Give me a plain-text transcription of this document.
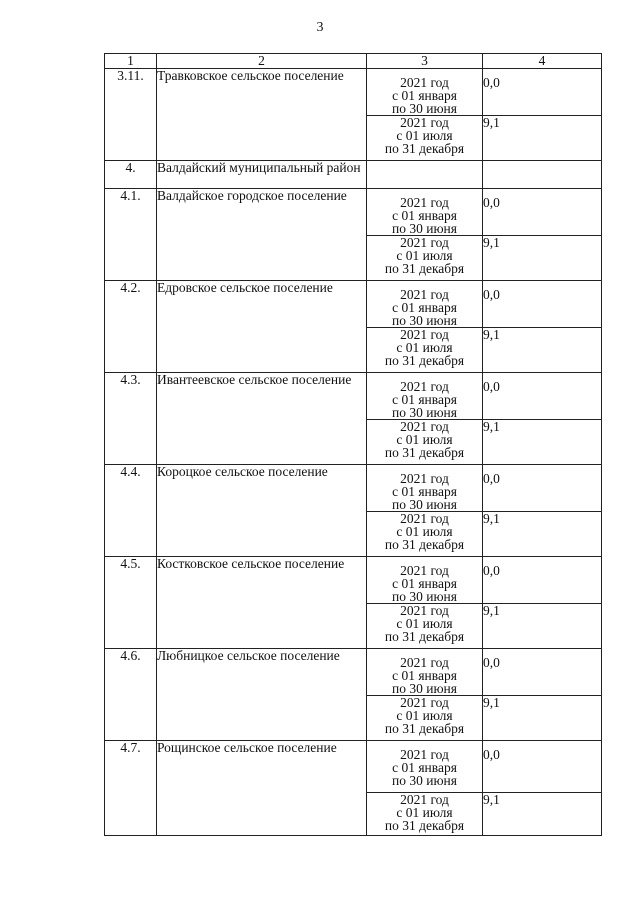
3
1	2	3	4
3.11.	Травковское сельское поселение	2021 год
с 01 января
по 30 июня	0,0

		2021 год
с 01 июля
по 31 декабря	9,1
4.	Валдайский муниципальный район		
4.1.	Валдайское городское поселение	2021 год
с 01 января
по 30 июня	0,0

		2021 год
с 01 июля
по 31 декабря	9,1
4.2.	Едровское сельское поселение	2021 год
с 01 января
по 30 июня	0,0

		2021 год
с 01 июля
по 31 декабря	9,1
4.3.	Ивантеевское сельское поселение	2021 год
с 01 января
по 30 июня	0,0

		2021 год
с 01 июля
по 31 декабря	9,1
4.4.	Короцкое сельское поселение	2021 год
с 01 января
по 30 июня	0,0

		2021 год
с 01 июля
по 31 декабря	9,1
4.5.	Костковское сельское поселение	2021 год
с 01 января
по 30 июня	0,0

		2021 год
с 01 июля
по 31 декабря	9,1
4.6.	Любницкое сельское поселение	2021 год
с 01 января
по 30 июня	0,0

		2021 год
с 01 июля
по 31 декабря	9,1
4.7.	Рощинское сельское поселение	2021 год
с 01 января
по 30 июня	0,0

		2021 год
с 01 июля
по 31 декабря	9,1
